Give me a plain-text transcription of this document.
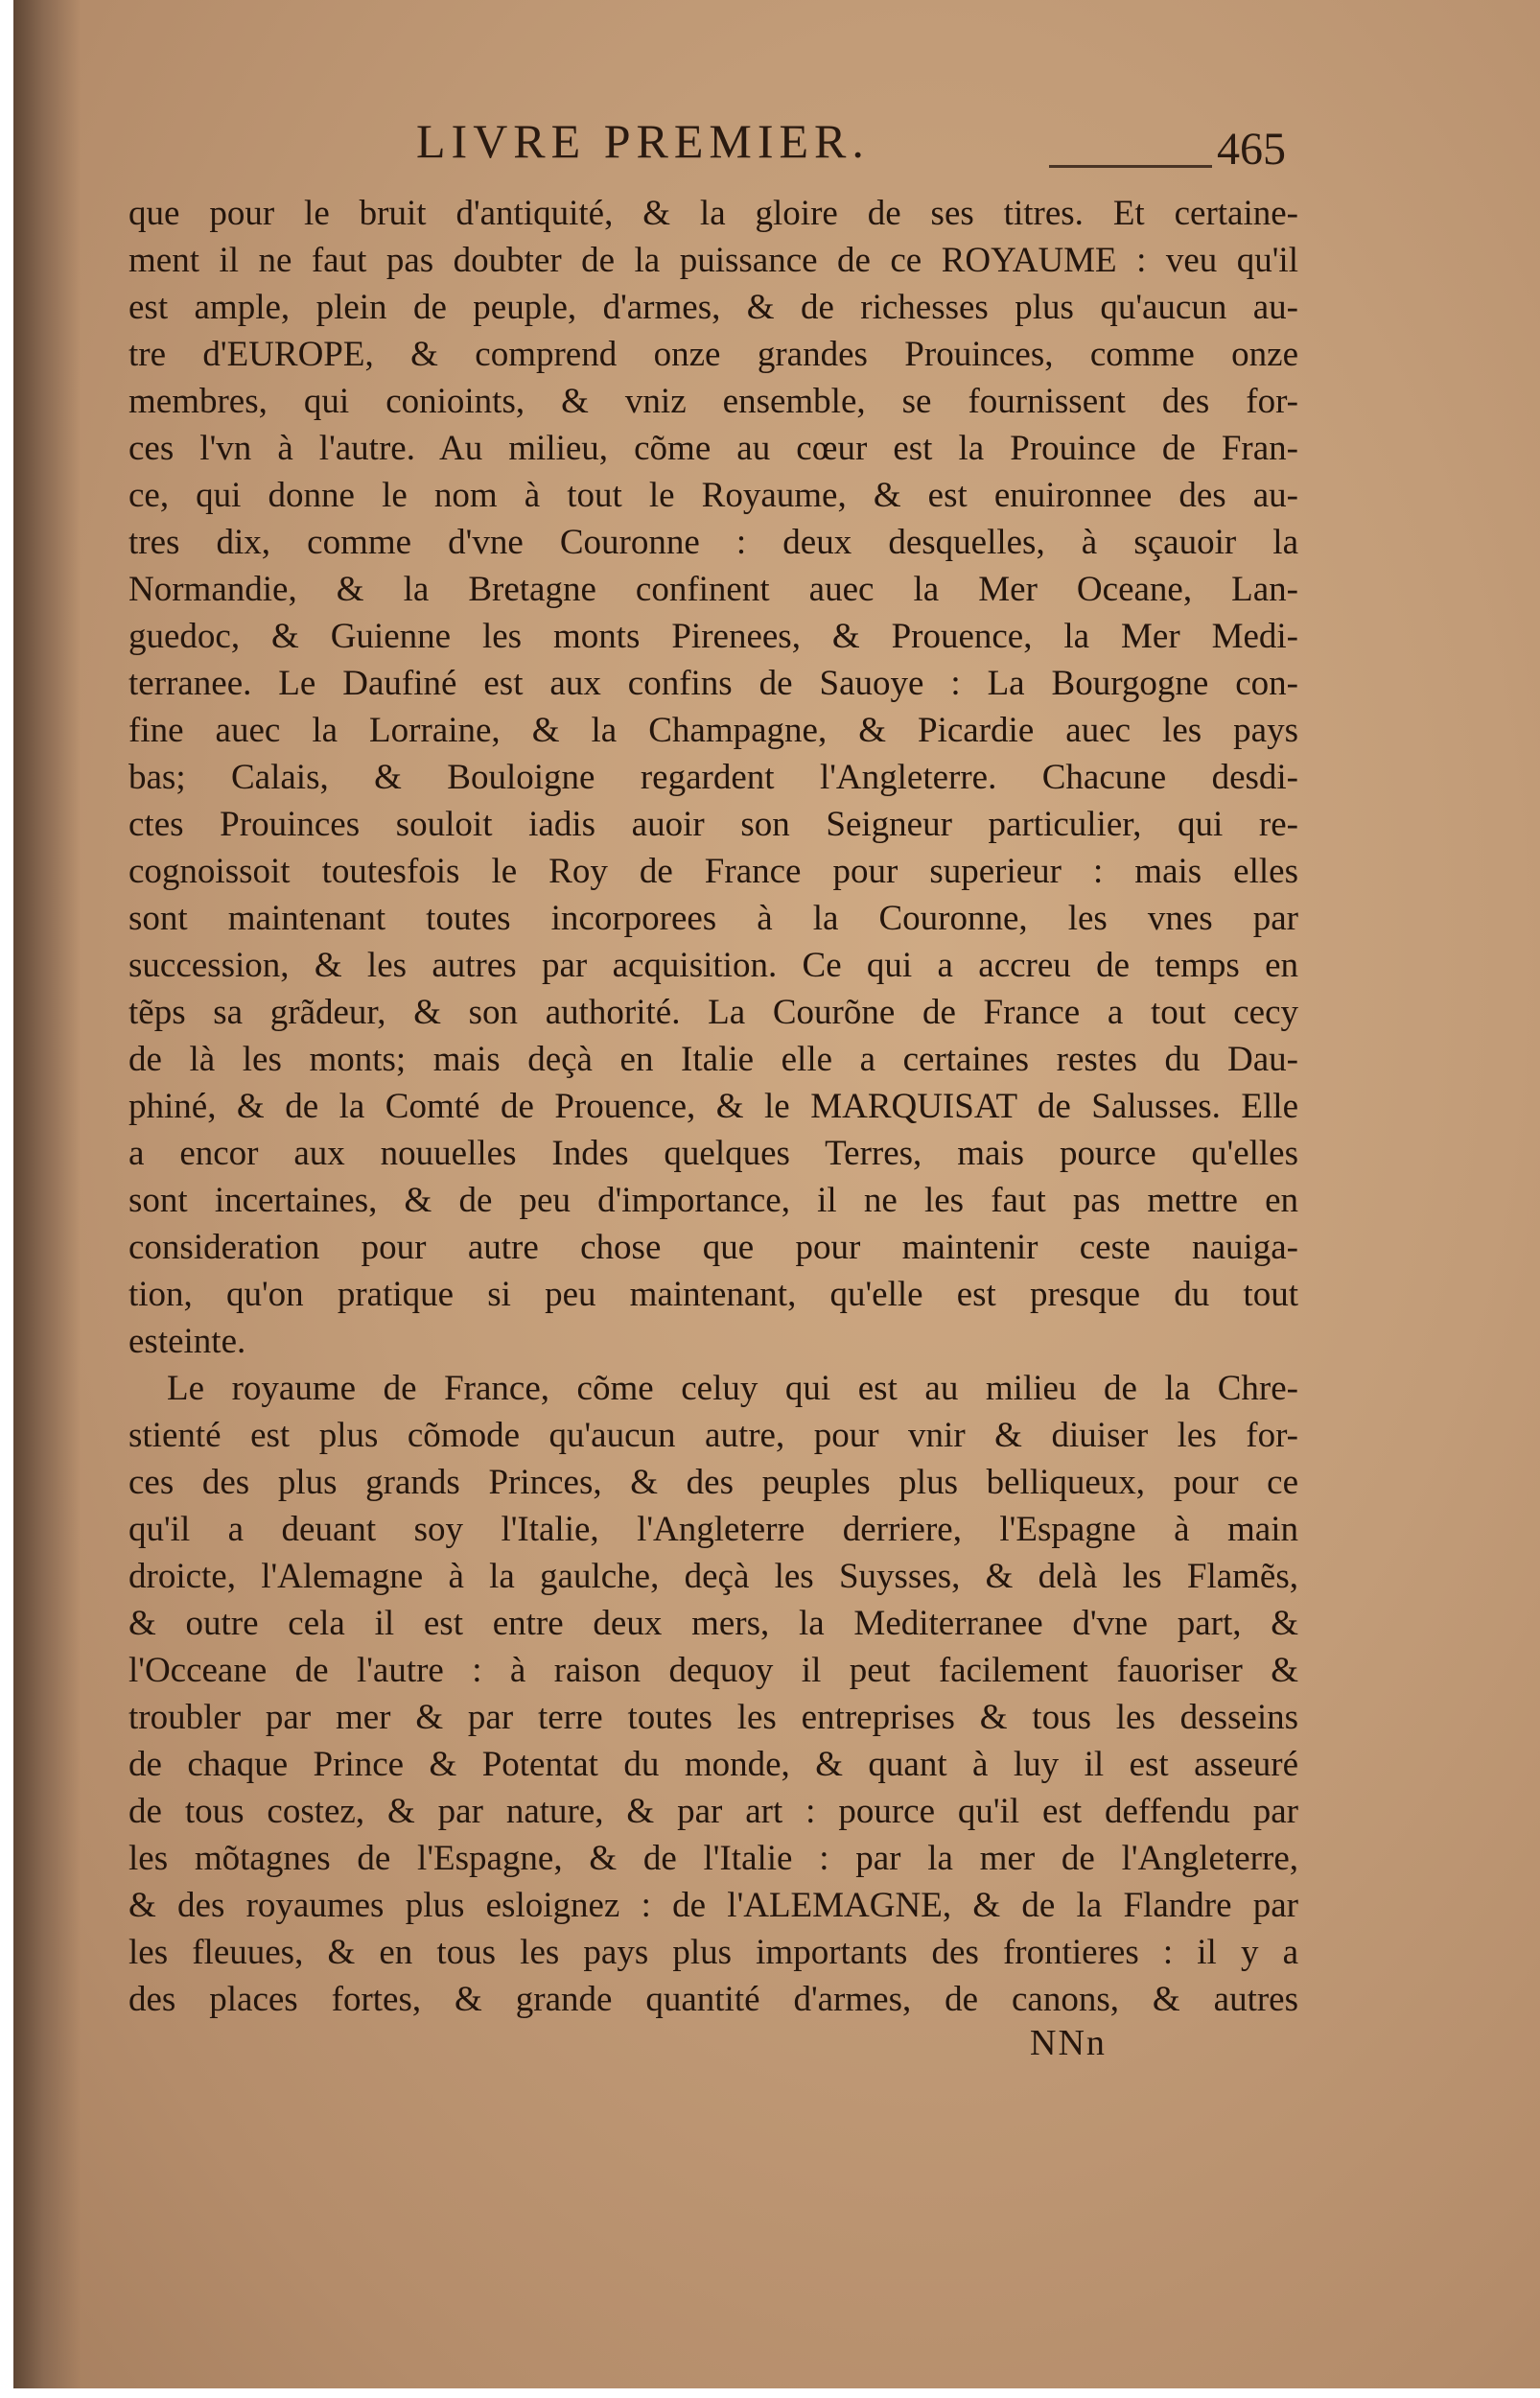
LIVRE PREMIER.	465
que pour le bruit d'antiquité, & la gloire de ses titres. Et certaine-
ment il ne faut pas doubter de la puissance de ce ROYAUME : veu qu'il
est ample, plein de peuple, d'armes, & de richesses plus qu'aucun au-
tre d'EUROPE, & comprend onze grandes Prouinces, comme onze
membres, qui conioints, & vniz ensemble, se fournissent des for-
ces l'vn à l'autre. Au milieu, cõme au cœur est la Prouince de Fran-
ce, qui donne le nom à tout le Royaume, & est enuironnee des au-
tres dix, comme d'vne Couronne : deux desquelles, à sçauoir la
Normandie, & la Bretagne confinent auec la Mer Oceane, Lan-
guedoc, & Guienne les monts Pirenees, & Prouence, la Mer Medi-
terranee. Le Daufiné est aux confins de Sauoye : La Bourgogne con-
fine auec la Lorraine, & la Champagne, & Picardie auec les pays
bas; Calais, & Bouloigne regardent l'Angleterre. Chacune desdi-
ctes Prouinces souloit iadis auoir son Seigneur particulier, qui re-
cognoissoit toutesfois le Roy de France pour superieur : mais elles
sont maintenant toutes incorporees à la Couronne, les vnes par
succession, & les autres par acquisition. Ce qui a accreu de temps en
tẽps sa grãdeur, & son authorité. La Courõne de France a tout cecy
de là les monts; mais deçà en Italie elle a certaines restes du Dau-
phiné, & de la Comté de Prouence, & le MARQUISAT de Salusses. Elle
a encor aux nouuelles Indes quelques Terres, mais pource qu'elles
sont incertaines, & de peu d'importance, il ne les faut pas mettre en
consideration pour autre chose que pour maintenir ceste nauiga-
tion, qu'on pratique si peu maintenant, qu'elle est presque du tout
esteinte.
Le royaume de France, cõme celuy qui est au milieu de la Chre-
stienté est plus cõmode qu'aucun autre, pour vnir & diuiser les for-
ces des plus grands Princes, & des peuples plus belliqueux, pour ce
qu'il a deuant soy l'Italie, l'Angleterre derriere, l'Espagne à main
droicte, l'Alemagne à la gaulche, deçà les Suysses, & delà les Flamẽs,
& outre cela il est entre deux mers, la Mediterranee d'vne part, &
l'Occeane de l'autre : à raison dequoy il peut facilement fauoriser &
troubler par mer & par terre toutes les entreprises & tous les desseins
de chaque Prince & Potentat du monde, & quant à luy il est asseuré
de tous costez, & par nature, & par art : pource qu'il est deffendu par
les mõtagnes de l'Espagne, & de l'Italie : par la mer de l'Angleterre,
& des royaumes plus esloignez : de l'ALEMAGNE, & de la Flandre par
les fleuues, & en tous les pays plus importants des frontieres : il y a
des places fortes, & grande quantité d'armes, de canons, & autres
NNn
